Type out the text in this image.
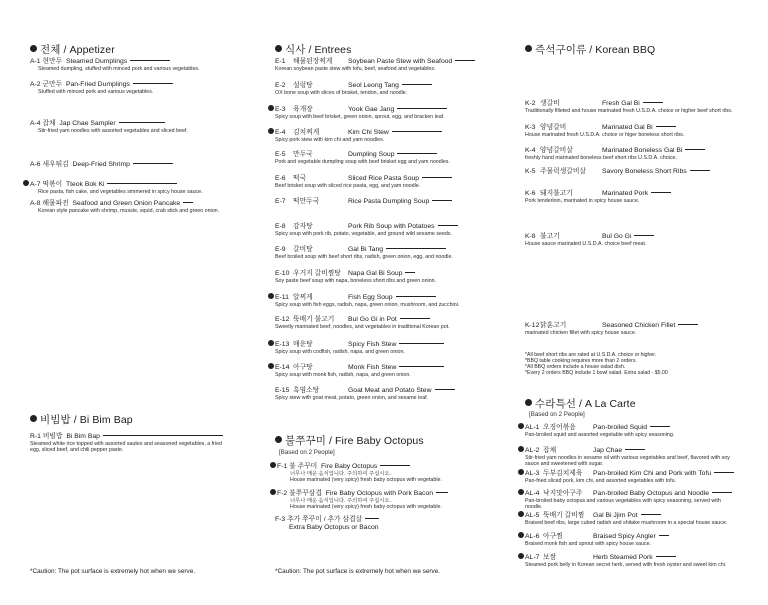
전체 / Appetizer
A-1 현만두 Steamed Dumplings
Steamed dumpling, stuffed with minced pork and various vegetables.
A-2 군만두 Pan-Fried Dumplings
Stuffed with minced pork and various vegetables.
A-4 잡채 Jap Chae Sampler
Stir-fried yam noodles with assorted vegetables and sliced beef.
A-6 새우튀김 Deep-Fried Shrimp
A-7 떡볶이 Tteok Bok Ki
Rice pasta, fish cake, and vegetables simmered in spicy house sauce.
A-8 해물파전 Seafood and Green Onion Pancake
Korean style pancake with shrimp, mussle, squid, crab stick and green onion.
비빔밥 / Bi Bim Bap
R-1 비빔밥 Bi Bim Bap
Steamed white rice topped with assorted sautes and seasoned vegetables, a fried egg, sliced beef, and chili pepper paste.
*Caution: The pot surface is extremely hot when we serve.
식사 / Entrees
E-1 해물된장찌게 Soybean Paste Stew with Seafood
Korean soybean paste stew with tofu, beef, seafood and vegetables.
E-2 설렁탕	Seol Leong Tang
OX bone soup with slices of brisket, tendon, and noodle.
E-3 육개장	Yook Gae Jang
Spicy soup with beef brisket, green onion, sprout, egg, and bracken leaf.
E-4 김치찌게	Kim Chi Stew
Spicy pork stew with kim chi and yam noodles.
E-5 만두국	Dumpling Soup
Pork and vegetable dumpling soup with beef brisket egg and yam noodles.
E-6 떡국	Sliced Rice Pasta Soup
Beef brisket soup with sliced rice pasta, egg, and yam noodle.
E-7 떡만두국	Rice Pasta Dumpling Soup
E-8 감자탕	Pork Rib Soup with Potatoes
Spicy soup with pork rib, potato, vegetable, and ground wild sesame seeds.
E-9 갈비탕	Gal Bi Tang
Beef broiled soup with beef short ribs, radish, green onion, egg, and noodle.
E-10 우거지 갈비찜탕 Napa Gal Bi Soup
Soy paste beef soup with napa, boneless short ribs and green onion.
E-11 알찌게	Fish Egg Soup
Spicy soup with fish eggs, radish, napa, green onion, mushroom, and zucchini.
E-12 뚝배기 불고기 Bul Go Gi in Pot
Sweetly marinated beef, noodles, and vegetables in traditional Korean pot.
E-13 매운탕	Spicy Fish Stew
Spicy soup with codfish, radish, napa, and green onion.
E-14 아구탕	Monk Fish Stew
Spicy soup with monk fish, radish, napa, and green onion.
E-15 흑염소탕	Goat Meat and Potato Stew
Spicy stew with goat meat, potato, green onion, and sesame leaf.
불쭈꾸미 / Fire Baby Octopus
[Based on 2 People]
F-1 불 주꾸미 Fire Baby Octopus
너무나 매운 음식입니다. 주의하여 주십시오.
House marinated (very spicy) fresh baby octopus with vegetable.
F-2 불쭈꾸삼겹 Fire Baby Octopus with Pork Bacon
너무나 매운 음식입니다. 주의하여 주십시오.
House marinated (very spicy) fresh baby octopus with vegetable.
F-3 추가 쭈꾸미 / 추가 삼겹살
Extra Baby Octopus or Bacon
*Caution: The pot surface is extremely hot when we serve.
즉석구이류 / Korean BBQ
K-2 생갈비	Fresh Gal Bi
Traditionally filleted and house marinated fresh U.S.D.A. choice or higher beef short ribs.
K-3 양념갈비	Marinated Gal Bi
House marinated fresh U.S.D.A. choice or higer boneless short ribs.
K-4 양념갈비살	Marinated Boneless Gal Bi
freshly hand marinated boneless beef short ribs U.S.D.A. choice.
K-5 주물럭생갈비살 Savory Boneless Short Ribs
K-6 돼지불고기	Marinated Pork
Pork tenderloin, marinated in spicy house sauce.
K-8 불고기	Bul Go Gi
House sauce marinated U.S.D.A. choice beef meat.
K-12닭훈고기	Seasoned Chicken Fillet
marinated chicken fillet with spicy house sauce.
*All beef short ribs are rated at U.S.D.A. choice or higher.
*BBQ table cooking requires more than 2 orders.
*All BBQ orders include a house salad dish.
*Every 2 orders BBQ include 1 bowl salad. Extra salad - $5.00
수라특선 / A La Carte
[Based on 2 People]
AL-1 오징어볶음	Pan-broiled Squid
Pan-broiled squid and assorted vegetable with spicy seasoning.
AL-2 잡채	Jap Chae
Stir-fried yam noodles in sesame oil with various vegetables and beef, flavored with soy sauce and sweetened with sugar.
AL-3 두부김치제육 Pan-broiled Kim Chi and Pork with Tofu
Pan-fried sliced pork, kim chi, and assorted vegetables with tofu.
AL-4 낙지맛아구주 Pan-broiled Baby Octopus and Noodle
Pan-broiled baby octopus and various vegetables with spicy seasoning, served with noodle.
AL-5 뚝배기 갈비찜 Gal Bi Jjim Pot
Braised beef ribs, large cubed radish and shitake mushroom in a special house sauce.
AL-6 아구찜	Braised Spicy Angler
Braised monk fish and sprout with spicy house sauce.
AL-7 보쌈	Herb Steamed Pork
Steamed pork belly in Korean secret herb, served with fresh oyster and sweet kim chi.
